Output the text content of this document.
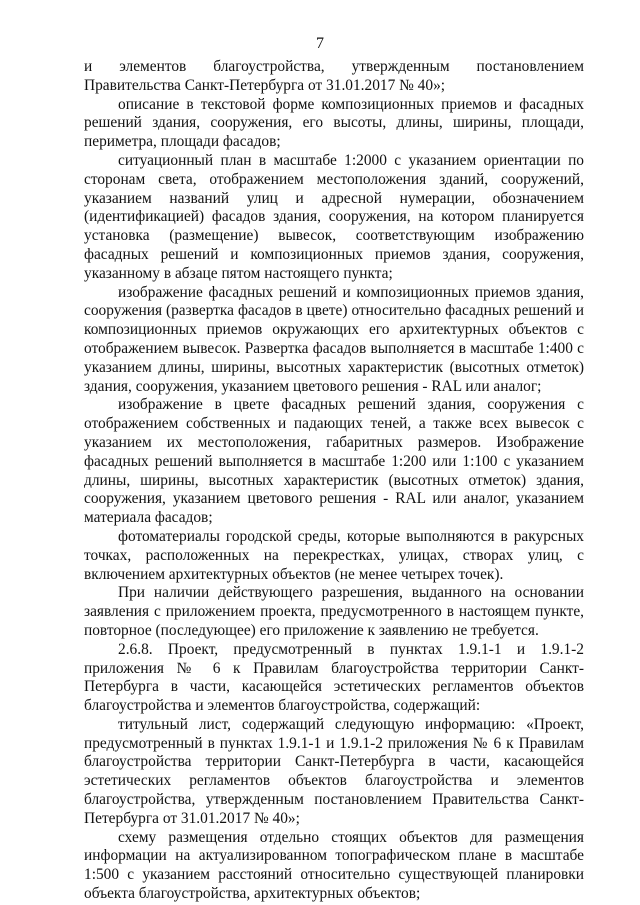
7

и элементов благоустройства, утвержденным постановлением Правительства Санкт-Петербурга от 31.01.2017 № 40»;

описание в текстовой форме композиционных приемов и фасадных решений здания, сооружения, его высоты, длины, ширины, площади, периметра, площади фасадов;

ситуационный план в масштабе 1:2000 с указанием ориентации по сторонам света, отображением местоположения зданий, сооружений, указанием названий улиц и адресной нумерации, обозначением (идентификацией) фасадов здания, сооружения, на котором планируется установка (размещение) вывесок, соответствующим изображению фасадных решений и композиционных приемов здания, сооружения, указанному в абзаце пятом настоящего пункта;

изображение фасадных решений и композиционных приемов здания, сооружения (развертка фасадов в цвете) относительно фасадных решений и композиционных приемов окружающих его архитектурных объектов с отображением вывесок. Развертка фасадов выполняется в масштабе 1:400 с указанием длины, ширины, высотных характеристик (высотных отметок) здания, сооружения, указанием цветового решения - RAL или аналог;

изображение в цвете фасадных решений здания, сооружения с отображением собственных и падающих теней, а также всех вывесок с указанием их местоположения, габаритных размеров. Изображение фасадных решений выполняется в масштабе 1:200 или 1:100 с указанием длины, ширины, высотных характеристик (высотных отметок) здания, сооружения, указанием цветового решения - RAL или аналог, указанием материала фасадов;

фотоматериалы городской среды, которые выполняются в ракурсных точках, расположенных на перекрестках, улицах, створах улиц, с включением архитектурных объектов (не менее четырех точек).

При наличии действующего разрешения, выданного на основании заявления с приложением проекта, предусмотренного в настоящем пункте, повторное (последующее) его приложение к заявлению не требуется.

2.6.8. Проект, предусмотренный в пунктах 1.9.1-1 и 1.9.1-2 приложения № 6 к Правилам благоустройства территории Санкт-Петербурга в части, касающейся эстетических регламентов объектов благоустройства и элементов благоустройства, содержащий:

титульный лист, содержащий следующую информацию: «Проект, предусмотренный в пунктах 1.9.1-1 и 1.9.1-2 приложения № 6 к Правилам благоустройства территории Санкт-Петербурга в части, касающейся эстетических регламентов объектов благоустройства и элементов благоустройства, утвержденным постановлением Правительства Санкт-Петербурга от 31.01.2017 № 40»;

схему размещения отдельно стоящих объектов для размещения информации на актуализированном топографическом плане в масштабе 1:500 с указанием расстояний относительно существующей планировки объекта благоустройства, архитектурных объектов;
